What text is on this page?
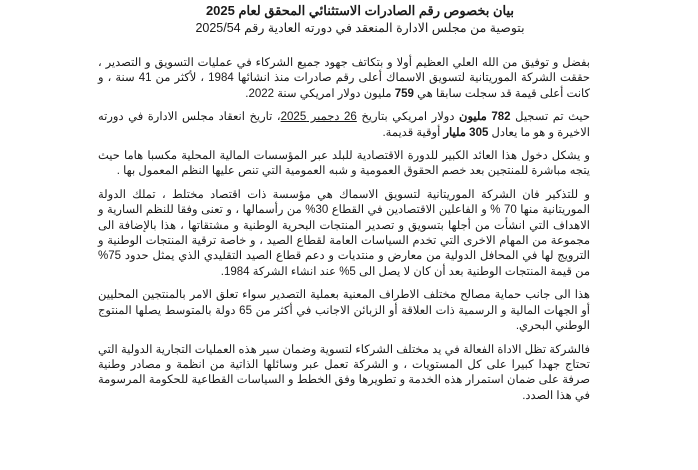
بيان بخصوص رقم الصادرات الاستثنائي المحقق لعام 2025
بتوصية من مجلس الادارة المنعقد في دورته العادية رقم 2025/54

بفضل و توفيق من الله العلي العظيم أولا و بتكاتف جهود جميع الشركاء في عمليات التسويق و التصدير ، حققت الشركة الموريتانية لتسويق الاسماك أعلى رقم صادرات منذ انشائها 1984 ، لأكثر من 41 سنة ، و كانت أعلى قيمة قد سجلت سابقا هي 759 مليون دولار امريكي سنة 2022.

حيث تم تسجيل 782 مليون دولار امريكي بتاريخ 26 دجمبر 2025، تاريخ انعقاد مجلس الادارة في دورته الاخيرة و هو ما يعادل 305 مليار أوقية قديمة.

و يشكل دخول هذا العائد الكبير للدورة الاقتصادية للبلد عبر المؤسسات المالية المحلية مكسبا هاما حيث يتجه مباشرة للمنتجين بعد خصم الحقوق العمومية و شبه العمومية التي تنص عليها النظم المعمول بها .

و للتذكير فان الشركة الموريتانية لتسويق الاسماك هي مؤسسة ذات اقتصاد مختلط ، تملك الدولة الموريتانية منها 70 % و الفاعلين الاقتصادين في القطاع 30% من رأسمالها ، و تعنى وفقا للنظم السارية و الاهداف التي انشأت من أجلها بتسويق و تصدير المنتجات البحرية الوطنية و مشتقاتها ، هذا بالإضافة الى مجموعة من المهام الاخرى التي تخدم السياسات العامة لقطاع الصيد ، و خاصة ترقية المنتجات الوطنية و الترويج لها في المحافل الدولية من معارض و منتديات و دعم قطاع الصيد التقليدي الذي يمثل حدود 75% من قيمة المنتجات الوطنية بعد أن كان لا يصل الى 5% عند انشاء الشركة 1984.

هذا الى جانب حماية مصالح مختلف الاطراف المعنية بعملية التصدير سواء تعلق الامر بالمنتجين المحليين أو الجهات المالية و الرسمية ذات العلاقة أو الزبائن الاجانب في أكثر من 65 دولة بالمتوسط يصلها المنتوج الوطني البحري.

فالشركة تظل الاداة الفعالة في يد مختلف الشركاء لتسوية وضمان سير هذه العمليات التجارية الدولية التي تحتاج جهدا كبيرا على كل المستويات ، و الشركة تعمل عبر وسائلها الذاتية من انظمة و مصادر وطنية صرفة على ضمان استمرار هذه الخدمة و تطويرها وفق الخطط و السياسات القطاعية للحكومة المرسومة في هذا الصدد.
